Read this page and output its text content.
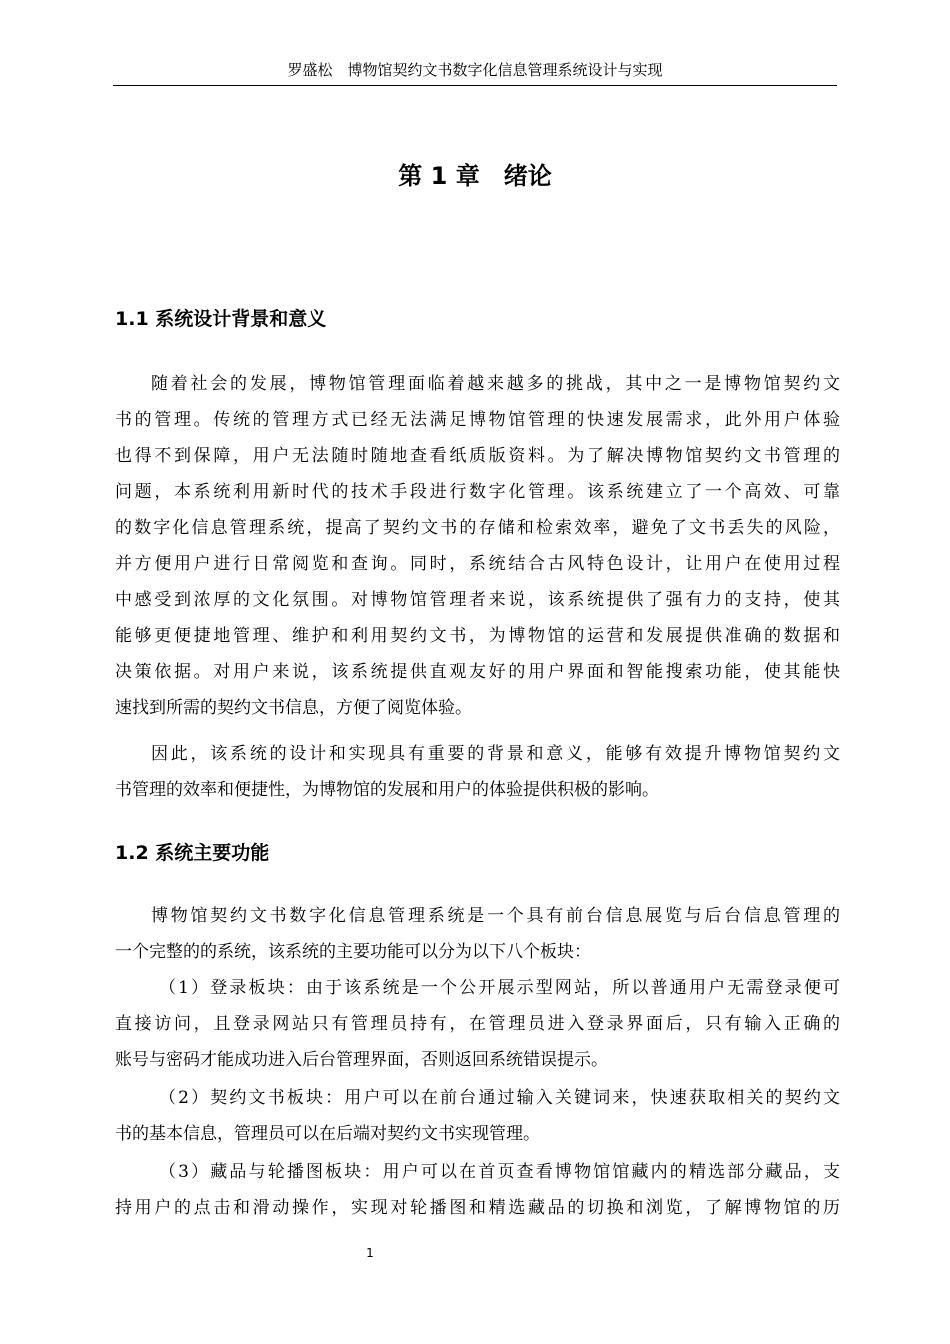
罗盛松　博物馆契约文书数字化信息管理系统设计与实现
第 1 章　绪论
1.1 系统设计背景和意义
随着社会的发展，博物馆管理面临着越来越多的挑战，其中之一是博物馆契约文
书的管理。传统的管理方式已经无法满足博物馆管理的快速发展需求，此外用户体验
也得不到保障，用户无法随时随地查看纸质版资料。为了解决博物馆契约文书管理的
问题，本系统利用新时代的技术手段进行数字化管理。该系统建立了一个高效、可靠
的数字化信息管理系统，提高了契约文书的存储和检索效率，避免了文书丢失的风险，
并方便用户进行日常阅览和查询。同时，系统结合古风特色设计，让用户在使用过程
中感受到浓厚的文化氛围。对博物馆管理者来说，该系统提供了强有力的支持，使其
能够更便捷地管理、维护和利用契约文书，为博物馆的运营和发展提供准确的数据和
决策依据。对用户来说，该系统提供直观友好的用户界面和智能搜索功能，使其能快
速找到所需的契约文书信息，方便了阅览体验。
因此，该系统的设计和实现具有重要的背景和意义，能够有效提升博物馆契约文
书管理的效率和便捷性，为博物馆的发展和用户的体验提供积极的影响。
1.2 系统主要功能
博物馆契约文书数字化信息管理系统是一个具有前台信息展览与后台信息管理的
一个完整的的系统，该系统的主要功能可以分为以下八个板块：
（1）登录板块：由于该系统是一个公开展示型网站，所以普通用户无需登录便可
直接访问，且登录网站只有管理员持有，在管理员进入登录界面后，只有输入正确的
账号与密码才能成功进入后台管理界面，否则返回系统错误提示。
（2）契约文书板块：用户可以在前台通过输入关键词来，快速获取相关的契约文
书的基本信息，管理员可以在后端对契约文书实现管理。
（3）藏品与轮播图板块：用户可以在首页查看博物馆馆藏内的精选部分藏品，支
持用户的点击和滑动操作，实现对轮播图和精选藏品的切换和浏览，了解博物馆的历
1
